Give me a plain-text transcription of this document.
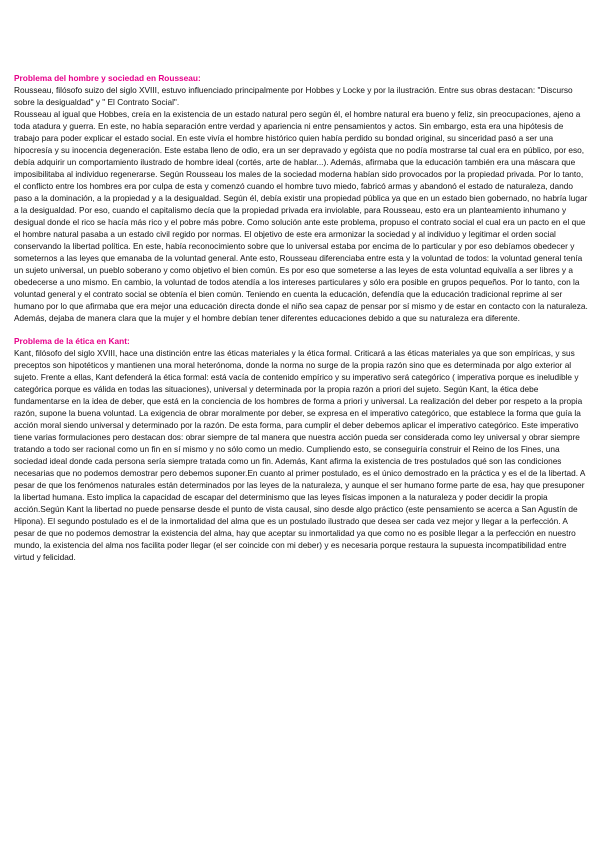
Problema del hombre y sociedad en Rousseau:

Rousseau, filósofo suizo del siglo XVIII, estuvo influenciado principalmente por Hobbes y Locke y por la ilustración. Entre sus obras destacan: "Discurso sobre la desigualdad" y " El Contrato Social".

Rousseau al igual que Hobbes, creía en la existencia de un estado natural pero según él, el hombre natural era bueno y feliz, sin preocupaciones, ajeno a toda atadura y guerra. En este, no había separación entre verdad y apariencia ni entre pensamientos y actos. Sin embargo, esta era una hipótesis de trabajo para poder explicar el estado social. En este vivía el hombre histórico quien había perdido su bondad original, su sinceridad pasó a ser una hipocresía y su inocencia degeneración. Este estaba lleno de odio, era un ser depravado y egóista que no podía mostrarse tal cual era en público, por eso, debía adquirir un comportamiento ilustrado de hombre ideal (cortés, arte de hablar...). Además, afirmaba que la educación también era una máscara que imposibilitaba al individuo regenerarse. Según Rousseau los males de la sociedad moderna habían sido provocados por la propiedad privada. Por lo tanto, el conflicto entre los hombres era por culpa de esta y comenzó cuando el hombre tuvo miedo, fabricó armas y abandonó el estado de naturaleza, dando paso a la dominación, a la propiedad y a la desigualdad. Según él, debía existir una propiedad pública ya que en un estado bien gobernado, no habría lugar a la desigualdad. Por eso, cuando el capitalismo decía que la propiedad privada era inviolable, para Rousseau, esto era un planteamiento inhumano y desigual donde el rico se hacía más rico y el pobre más pobre. Como solución ante este problema, propuso el contrato social el cual era un pacto en el que el hombre natural pasaba a un estado civil regido por normas. El objetivo de este era armonizar la sociedad y al individuo y legitimar el orden social conservando la libertad política. En este, había reconocimiento sobre que lo universal estaba por encima de lo particular y por eso debíamos obedecer y someternos a las leyes que emanaba de la voluntad general. Ante esto, Rousseau diferenciaba entre esta y la voluntad de todos: la voluntad general tenía un sujeto universal, un pueblo soberano y como objetivo el bien común. Es por eso que someterse a las leyes de esta voluntad equivalía a ser libres y a obedecerse a uno mismo. En cambio, la voluntad de todos atendía a los intereses particulares y sólo era posible en grupos pequeños. Por lo tanto, con la voluntad general y el contrato social se obtenía el bien común. Teniendo en cuenta la educación, defendía que la educación tradicional reprime al ser humano por lo que afirmaba que era mejor una educación directa donde el niño sea capaz de pensar por sí mismo y de estar en contacto con la naturaleza. Además, dejaba de manera clara que la mujer y el hombre debían tener diferentes educaciones debido a que su naturaleza era diferente.

Problema de la ética en Kant:

Kant, filósofo del siglo XVIII, hace una distinción entre las éticas materiales y la ética formal. Criticará a las éticas materiales ya que son empíricas, y sus preceptos son hipotéticos y mantienen una moral heterónoma, donde la norma no surge de la propia razón sino que es determinada por algo exterior al sujeto. Frente a ellas, Kant defenderá la ética formal: está vacía de contenido empírico y su imperativo será categórico ( imperativa porque es ineludible y categórica porque es válida en todas las situaciones), universal y determinada por la propia razón a priori del sujeto. Según Kant, la ética debe fundamentarse en la idea de deber, que está en la conciencia de los hombres de forma a priori y universal. La realización del deber por respeto a la propia razón, supone la buena voluntad. La exigencia de obrar moralmente por deber, se expresa en el imperativo categórico, que establece la forma que guía la acción moral siendo universal y determinado por la razón. De esta forma, para cumplir el deber debemos aplicar el imperativo categórico. Este imperativo tiene varias formulaciones pero destacan dos: obrar siempre de tal manera que nuestra acción pueda ser considerada como ley universal y obrar siempre tratando a todo ser racional como un fin en sí mismo y no sólo como un medio. Cumpliendo esto, se conseguiría construir el Reino de los Fines, una sociedad ideal donde cada persona sería siempre tratada como un fin. Además, Kant afirma la existencia de tres postulados qué son las condiciones necesarias que no podemos demostrar pero debemos suponer.En cuanto al primer postulado, es el único demostrado en la práctica y es el de la libertad. A pesar de que los fenómenos naturales están determinados por las leyes de la naturaleza, y aunque el ser humano forme parte de esa, hay que presuponer la libertad humana. Esto implica la capacidad de escapar del determinismo que las leyes físicas imponen a la naturaleza y poder decidir la propia acción.Según Kant la libertad no puede pensarse desde el punto de vista causal, sino desde algo práctico (este pensamiento se acerca a San Agustín de Hipona). El segundo postulado es el de la inmortalidad del alma que es un postulado ilustrado que desea ser cada vez mejor y llegar a la perfección. A pesar de que no podemos demostrar la existencia del alma, hay que aceptar su inmortalidad ya que como no es posible llegar a la perfección en nuestro mundo, la existencia del alma nos facilita poder llegar (el ser coincide con mi deber) y es necesaria porque restaura la supuesta incompatibilidad entre virtud y felicidad.
